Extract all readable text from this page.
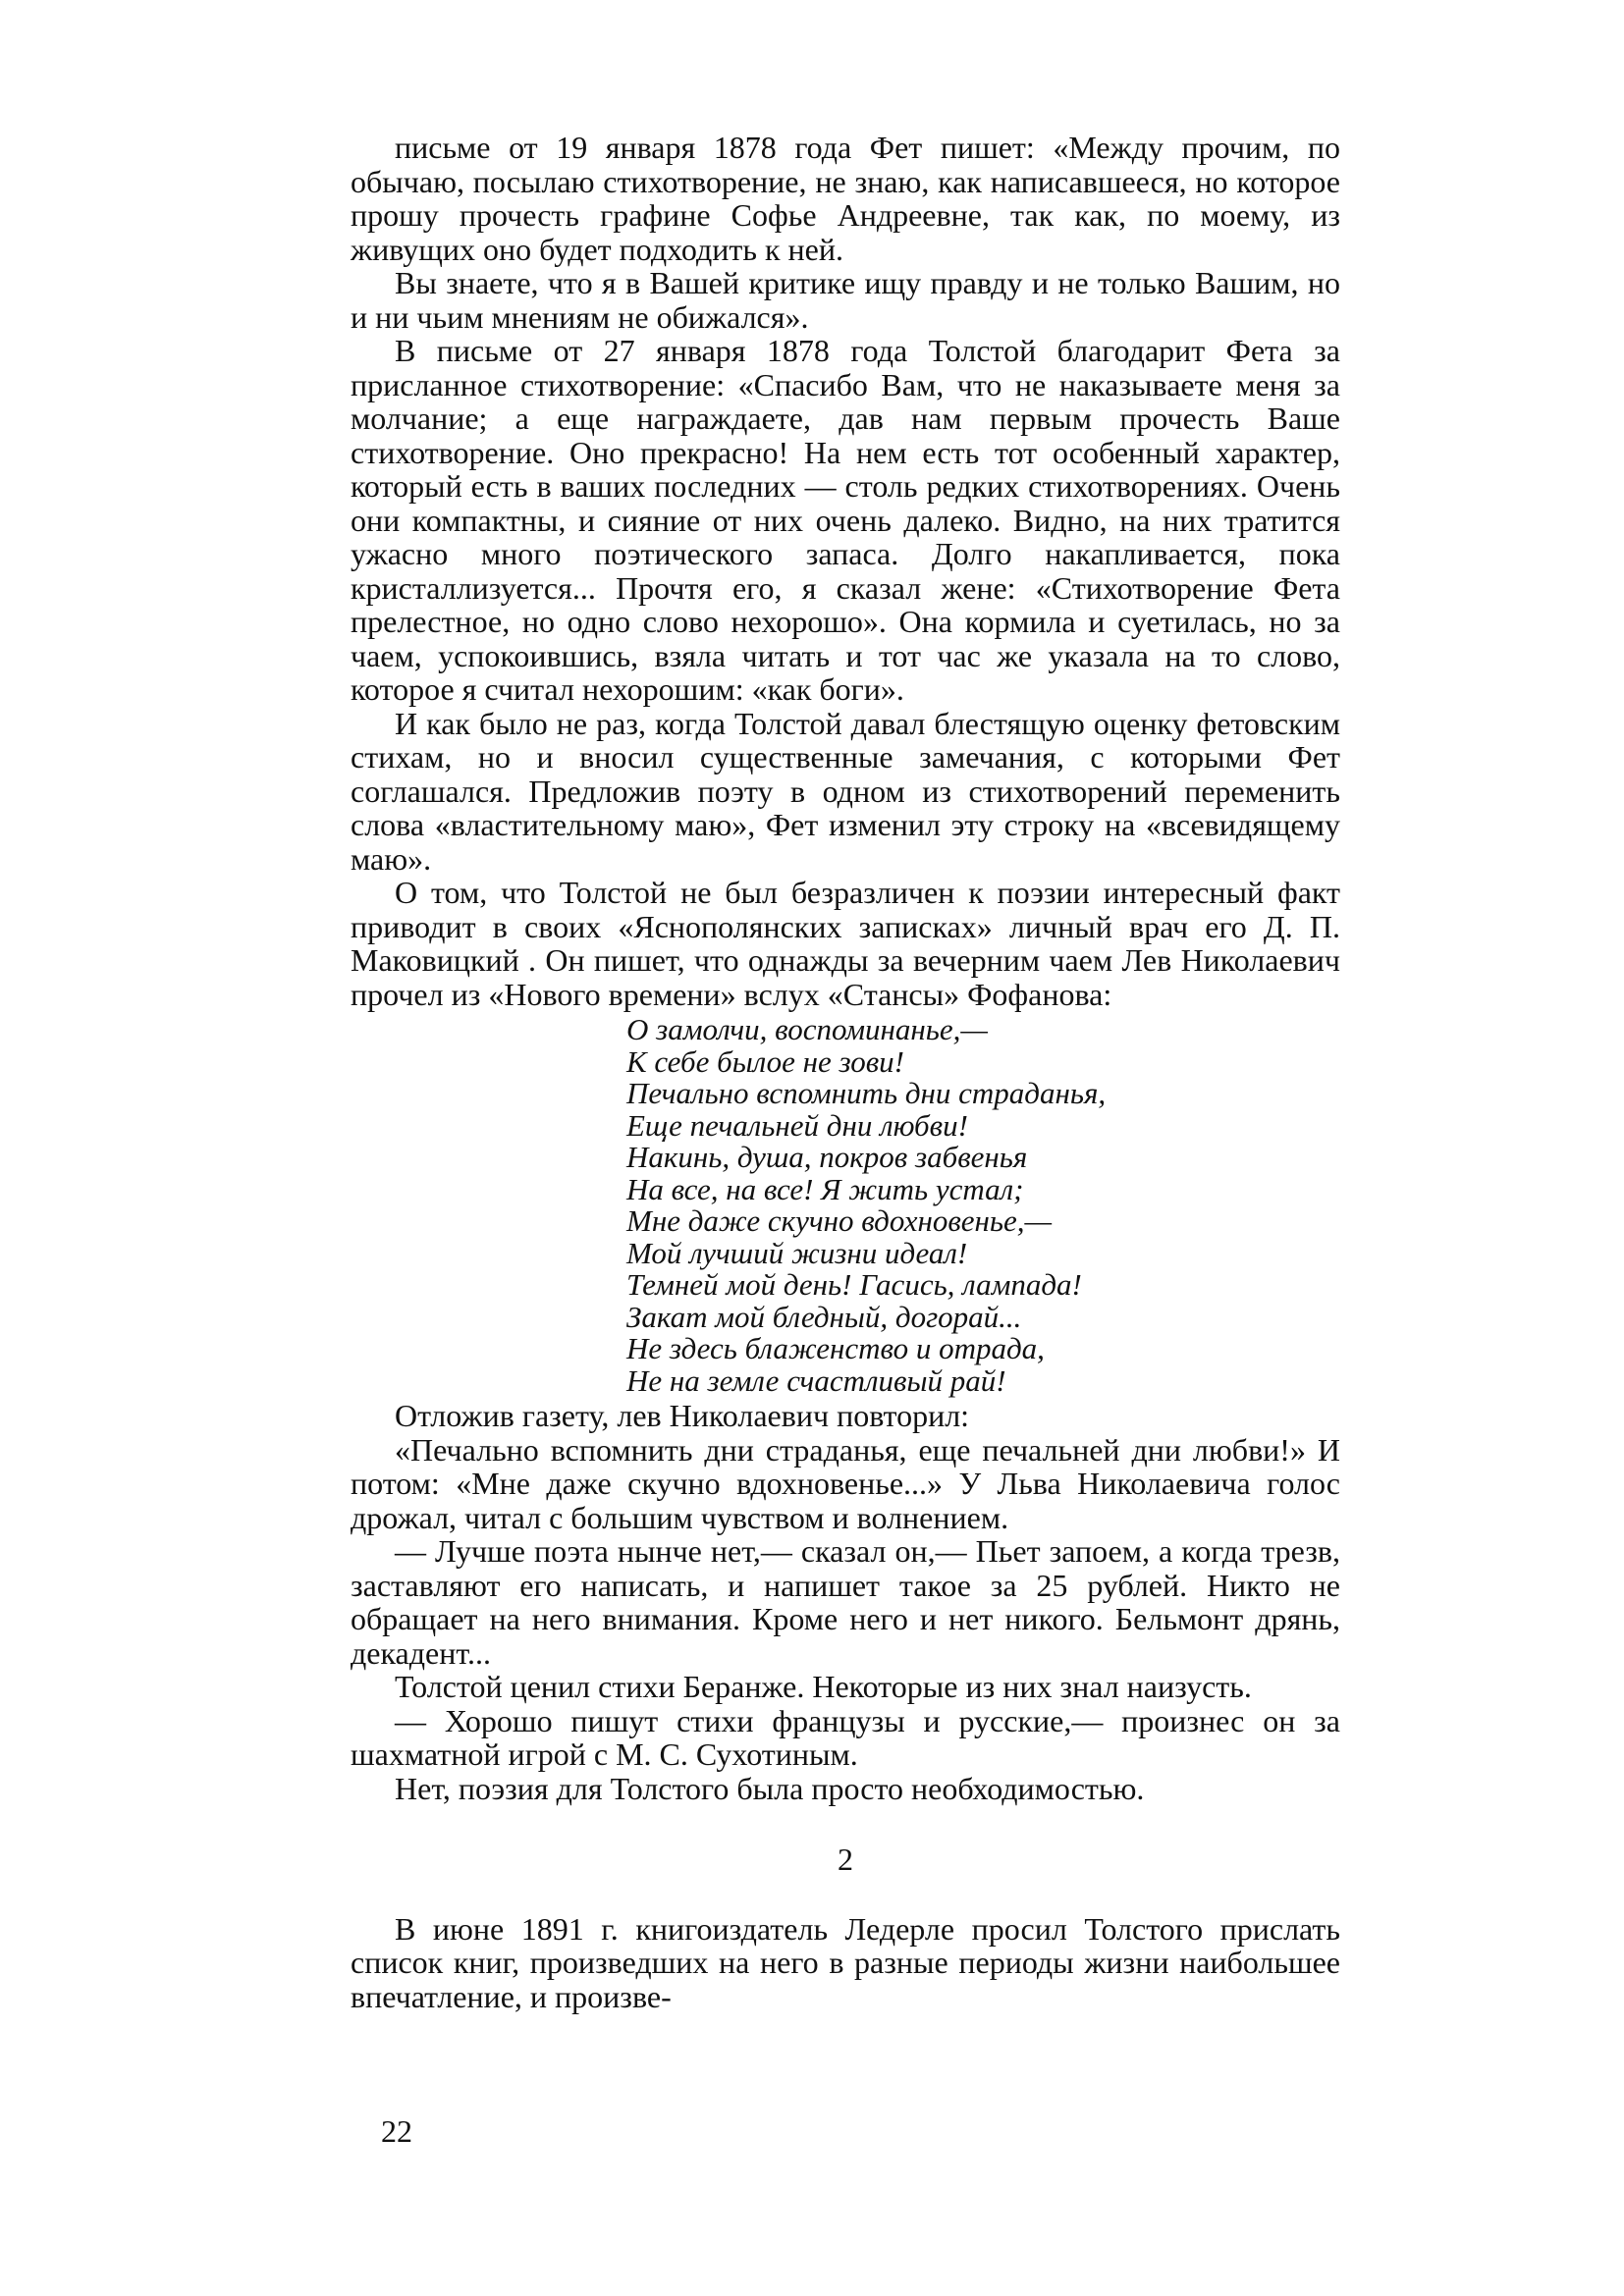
письме от 19 января 1878 года Фет пишет: «Между прочим, по обычаю, посылаю стихотворение, не знаю, как написавшееся, но которое прошу прочесть графине Софье Андреевне, так как, по моему, из живущих оно будет подходить к ней.

Вы знаете, что я в Вашей критике ищу правду и не только Вашим, но и ни чьим мнениям не обижался».

В письме от 27 января 1878 года Толстой благодарит Фета за присланное стихотворение: «Спасибо Вам, что не наказываете меня за молчание; а еще награждаете, дав нам первым прочесть Ваше стихотворение. Оно прекрасно! На нем есть тот особенный характер, который есть в ваших последних — столь редких стихотворениях. Очень они компактны, и сияние от них очень далеко. Видно, на них тратится ужасно много поэтического запаса. Долго накапливается, пока кристаллизуется... Прочтя его, я сказал жене: «Стихотворение Фета прелестное, но одно слово нехорошо». Она кормила и суетилась, но за чаем, успокоившись, взяла читать и тот час же указала на то слово, которое я считал нехорошим: «как боги».

И как было не раз, когда Толстой давал блестящую оценку фетовским стихам, но и вносил существенные замечания, с которыми Фет соглашался. Предложив поэту в одном из стихотворений переменить слова «властительному маю», Фет изменил эту строку на «всевидящему маю».

О том, что Толстой не был безразличен к поэзии интересный факт приводит в своих «Яснополянских записках» личный врач его Д. П. Маковицкий . Он пишет, что однажды за вечерним чаем Лев Николаевич прочел из «Нового времени» вслух «Стансы» Фофанова:

О замолчи, воспоминанье,—
К себе былое не зови!
Печально вспомнить дни страданья,
Еще печальней дни любви!
Накинь, душа, покров забвенья
На все, на все! Я жить устал;
Мне даже скучно вдохновенье,—
Мой лучший жизни идеал!
Темней мой день! Гасись, лампада!
Закат мой бледный, догорай...
Не здесь блаженство и отрада,
Не на земле счастливый рай!

Отложив газету, лев Николаевич повторил:

«Печально вспомнить дни страданья, еще печальней дни любви!» И потом: «Мне даже скучно вдохновенье...» У Льва Николаевича голос дрожал, читал с большим чувством и волнением.

— Лучше поэта нынче нет,— сказал он,— Пьет запоем, а когда трезв, заставляют его написать, и напишет такое за 25 рублей. Никто не обращает на него внимания. Кроме него и нет никого. Бельмонт дрянь, декадент...

Толстой ценил стихи Беранже. Некоторые из них знал наизусть.

— Хорошо пишут стихи французы и русские,— произнес он за шахматной игрой с М. С. Сухотиным.

Нет, поэзия для Толстого была просто необходимостью.

2

В июне 1891 г. книгоиздатель Ледерле просил Толстого прислать список книг, произведших на него в разные периоды жизни наибольшее впечатление, и произве-

22
